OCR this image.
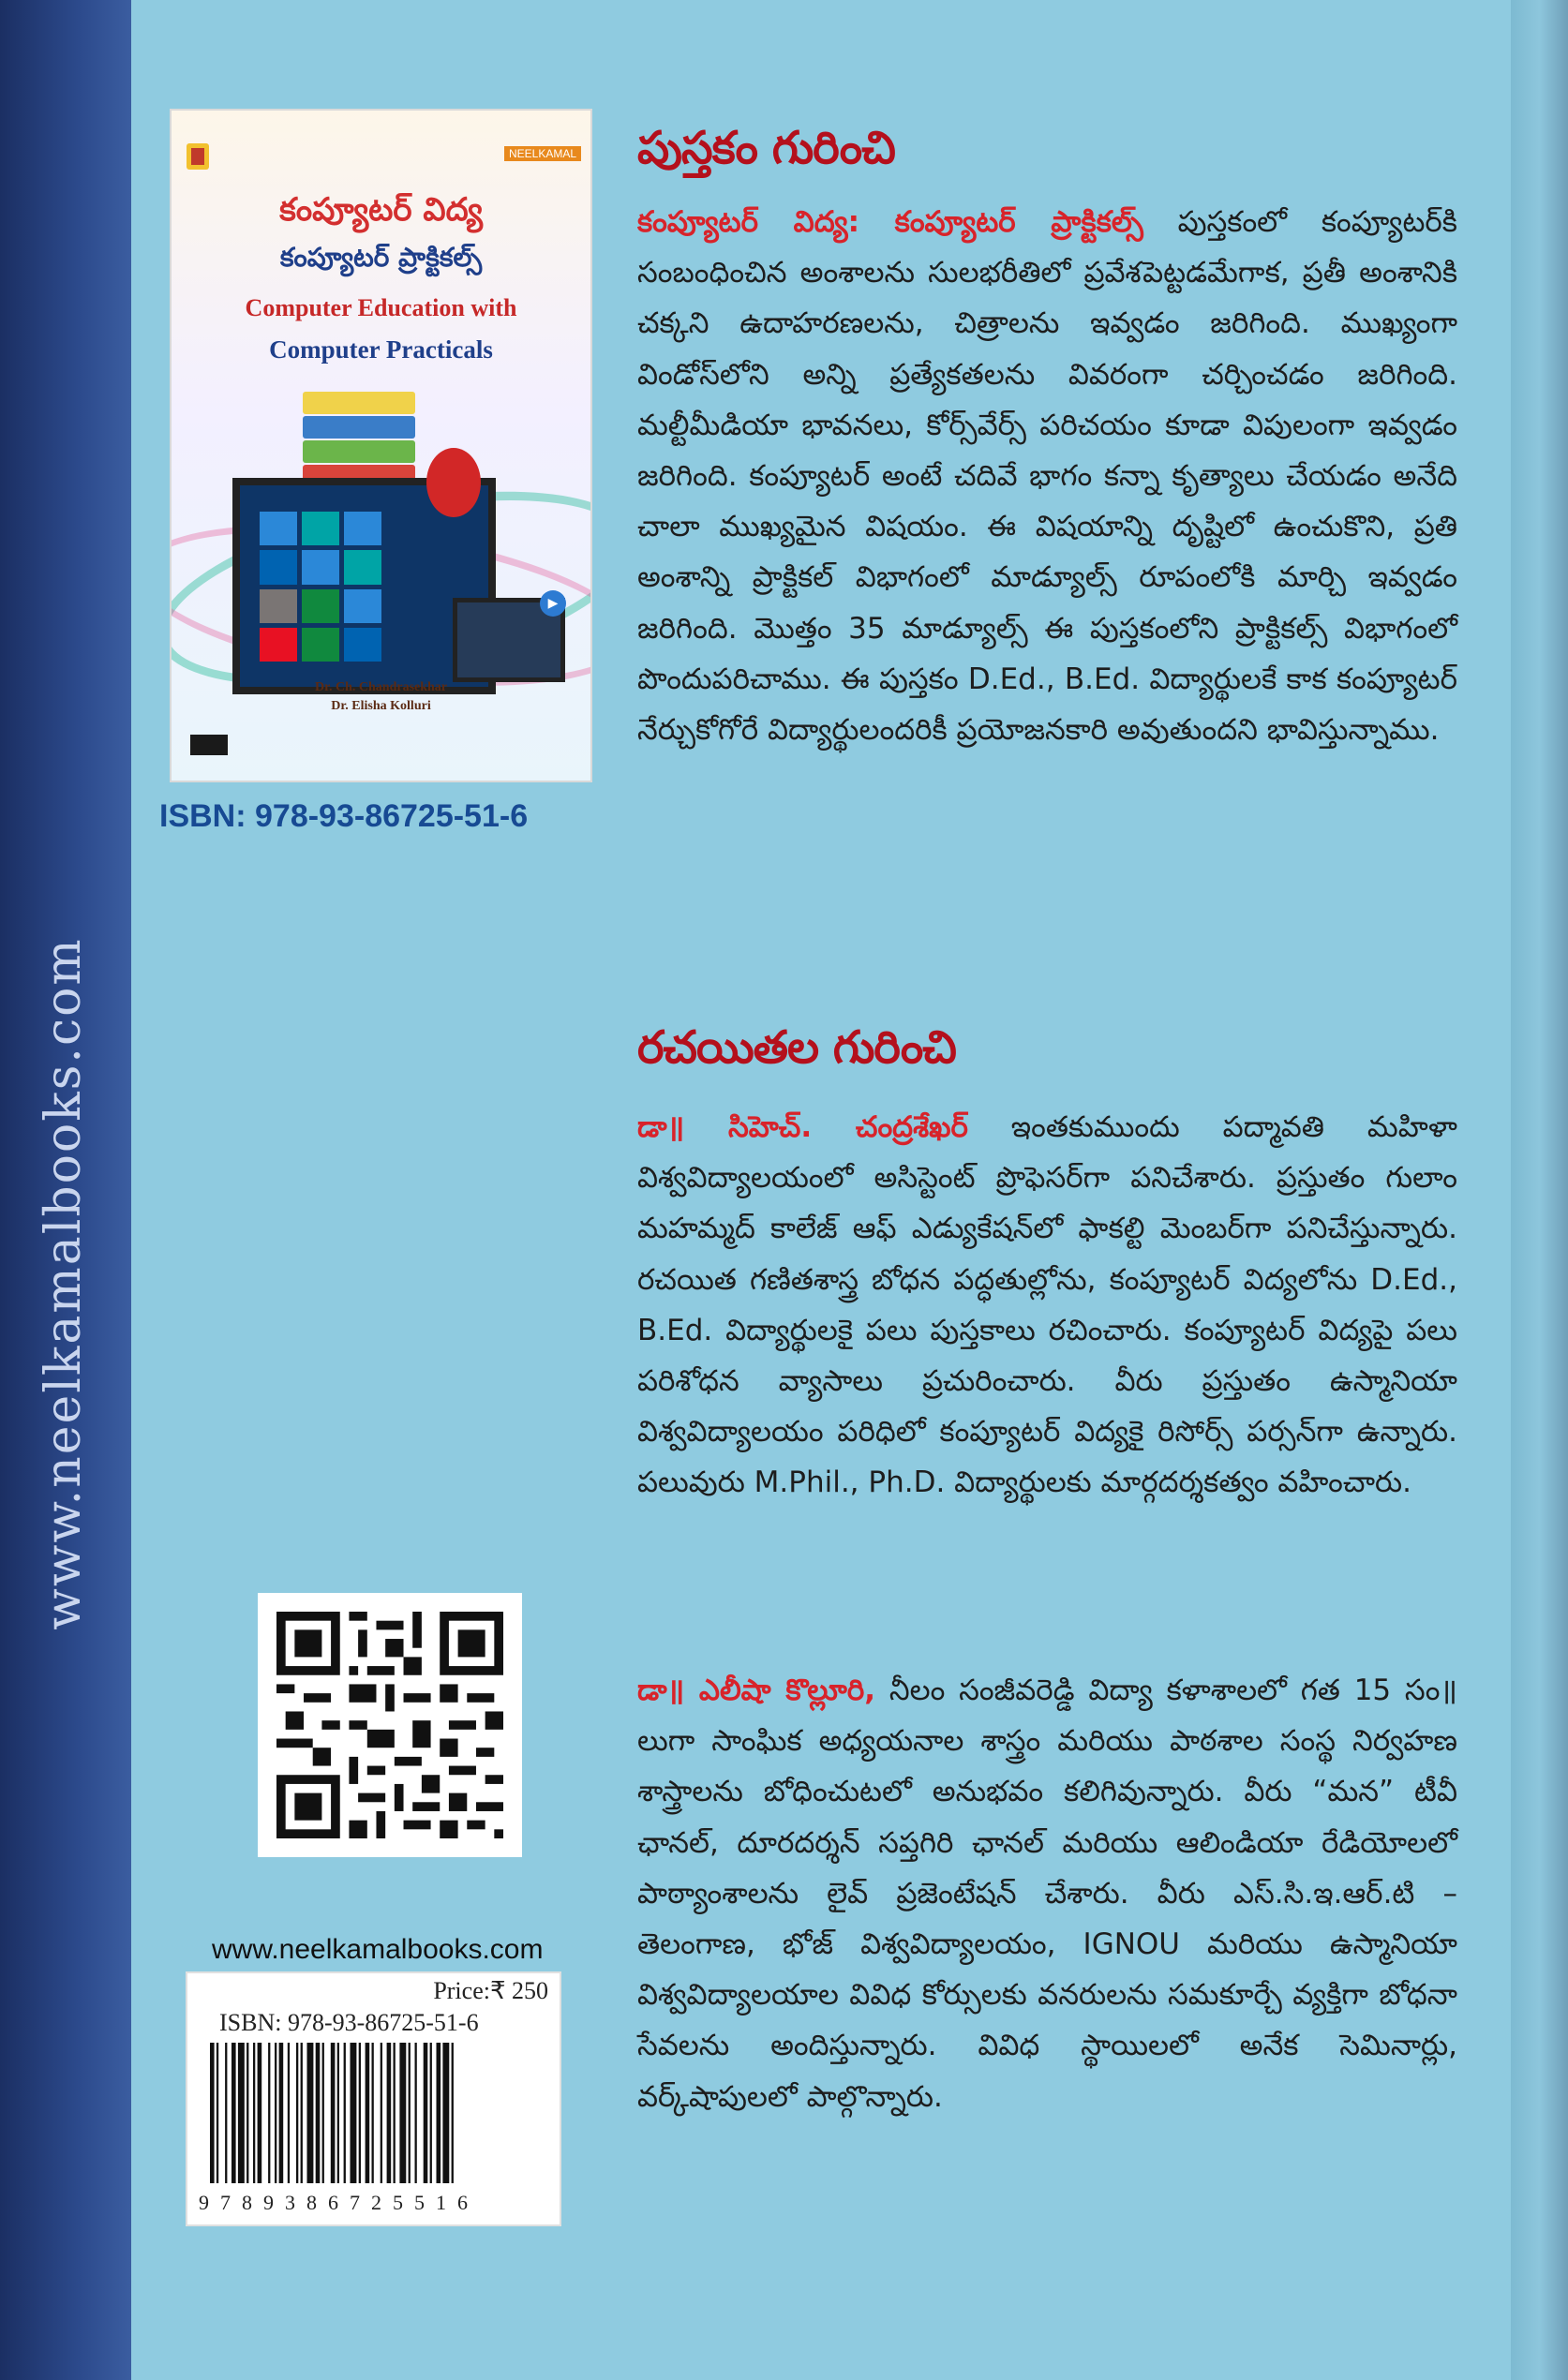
www.neelkamalbooks.com
NEELKAMAL
కంప్యూటర్ విద్య
కంప్యూటర్ ప్రాక్టికల్స్
Computer Education with
Computer Practicals
▶
Dr. Ch. Chandrasekhar
Dr. Elisha Kolluri
ISBN: 978-93-86725-51-6
పుస్తకం గురించి
కంప్యూటర్ విద్య: కంప్యూటర్ ప్రాక్టికల్స్ పుస్తకంలో కంప్యూటర్‌కి సంబంధించిన అంశాలను సులభరీతిలో ప్రవేశపెట్టడమేగాక, ప్రతీ అంశానికి చక్కని ఉదాహరణలను, చిత్రాలను ఇవ్వడం జరిగింది. ముఖ్యంగా విండోస్‌లోని అన్ని ప్రత్యేకతలను వివరంగా చర్చించడం జరిగింది. మల్టీమీడియా భావనలు, కోర్స్‌వేర్స్ పరిచయం కూడా విపులంగా ఇవ్వడం జరిగింది. కంప్యూటర్ అంటే చదివే భాగం కన్నా కృత్యాలు చేయడం అనేది చాలా ముఖ్యమైన విషయం. ఈ విషయాన్ని దృష్టిలో ఉంచుకొని, ప్రతి అంశాన్ని ప్రాక్టికల్ విభాగంలో మాడ్యూల్స్ రూపంలోకి మార్చి ఇవ్వడం జరిగింది. మొత్తం 35 మాడ్యూల్స్ ఈ పుస్తకంలోని ప్రాక్టికల్స్ విభాగంలో పొందుపరిచాము. ఈ పుస్తకం D.Ed., B.Ed. విద్యార్థులకే కాక కంప్యూటర్ నేర్చుకోగోరే విద్యార్థులందరికీ ప్రయోజనకారి అవుతుందని భావిస్తున్నాము.
రచయితల గురించి
డా॥ సిహెచ్. చంద్రశేఖర్ ఇంతకుముందు పద్మావతి మహిళా విశ్వవిద్యాలయంలో అసిస్టెంట్ ప్రొఫెసర్‌గా పనిచేశారు. ప్రస్తుతం గులాం మహమ్మద్ కాలేజ్ ఆఫ్ ఎడ్యుకేషన్‌లో ఫాకల్టి మెంబర్‌గా పనిచేస్తున్నారు. రచయిత గణితశాస్త్ర బోధన పద్ధతుల్లోను, కంప్యూటర్ విద్యలోను D.Ed., B.Ed. విద్యార్థులకై పలు పుస్తకాలు రచించారు. కంప్యూటర్ విద్యపై పలు పరిశోధన వ్యాసాలు ప్రచురించారు. వీరు ప్రస్తుతం ఉస్మానియా విశ్వవిద్యాలయం పరిధిలో కంప్యూటర్ విద్యకై రిసోర్స్ పర్సన్‌గా ఉన్నారు. పలువురు M.Phil., Ph.D. విద్యార్థులకు మార్గదర్శకత్వం వహించారు.
డా॥ ఎలీషా కొల్లూరి, నీలం సంజీవరెడ్డి విద్యా కళాశాలలో గత 15 సం॥లుగా సాంఘిక అధ్యయనాల శాస్త్రం మరియు పాఠశాల సంస్థ నిర్వహణ శాస్త్రాలను బోధించుటలో అనుభవం కలిగివున్నారు. వీరు “మన” టీవీ ఛానల్, దూరదర్శన్ సప్తగిరి ఛానల్ మరియు ఆలిండియా రేడియోలలో పాఠ్యాంశాలను లైవ్ ప్రజెంటేషన్ చేశారు. వీరు ఎస్.సి.ఇ.ఆర్.టి – తెలంగాణ, భోజ్ విశ్వవిద్యాలయం, IGNOU మరియు ఉస్మానియా విశ్వవిద్యాలయాల వివిధ కోర్సులకు వనరులను సమకూర్చే వ్యక్తిగా బోధనా సేవలను అందిస్తున్నారు. వివిధ స్థాయిలలో అనేక సెమినార్లు, వర్క్‌షాపులలో పాల్గొన్నారు.
www.neelkamalbooks.com
Price:₹ 250
ISBN: 978-93-86725-51-6
9789386725516
